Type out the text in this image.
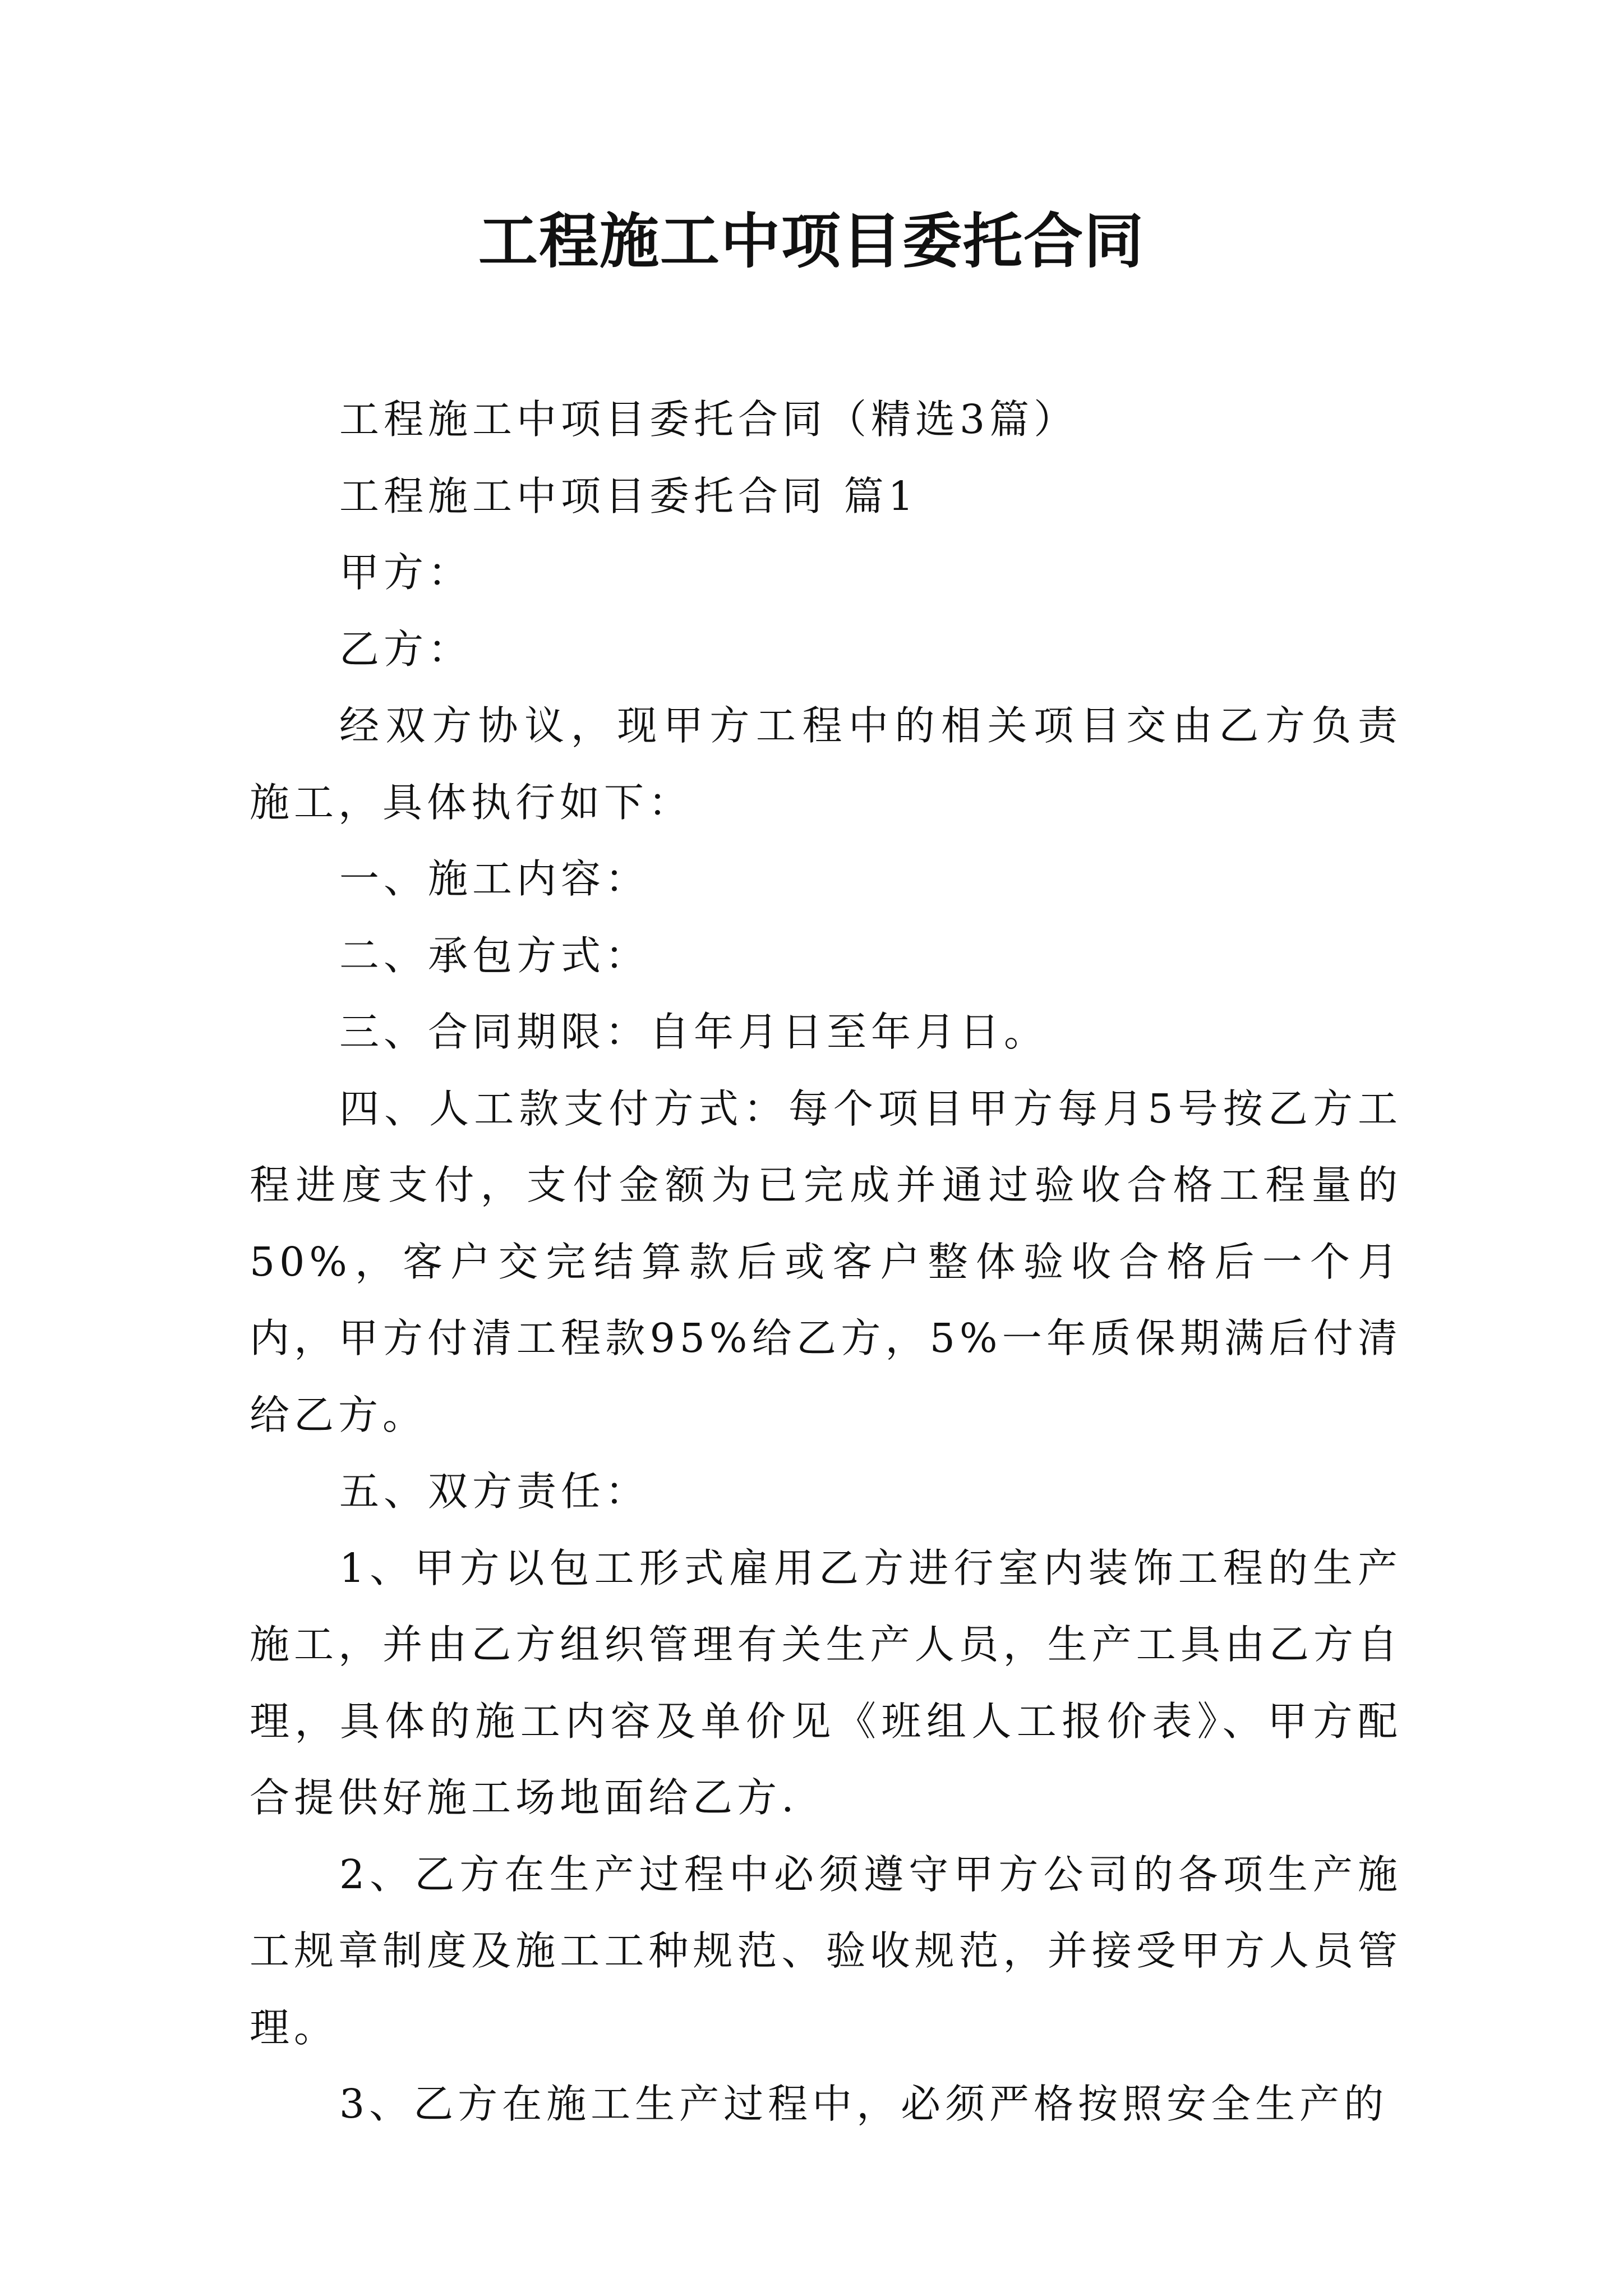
工程施工中项目委托合同

工程施工中项目委托合同（精选3篇）

工程施工中项目委托合同 篇1

甲方：

乙方：

经双方协议，现甲方工程中的相关项目交由乙方负责施工，具体执行如下：

一、施工内容：

二、承包方式：

三、合同期限：自年月日至年月日。

四、人工款支付方式：每个项目甲方每月5号按乙方工程进度支付，支付金额为已完成并通过验收合格工程量的50%，客户交完结算款后或客户整体验收合格后一个月内，甲方付清工程款95%给乙方，5%一年质保期满后付清给乙方。

五、双方责任：

1、甲方以包工形式雇用乙方进行室内装饰工程的生产施工，并由乙方组织管理有关生产人员，生产工具由乙方自理，具体的施工内容及单价见《班组人工报价表》、甲方配合提供好施工场地面给乙方.

2、乙方在生产过程中必须遵守甲方公司的各项生产施工规章制度及施工工种规范、验收规范，并接受甲方人员管理。

3、乙方在施工生产过程中，必须严格按照安全生产的
